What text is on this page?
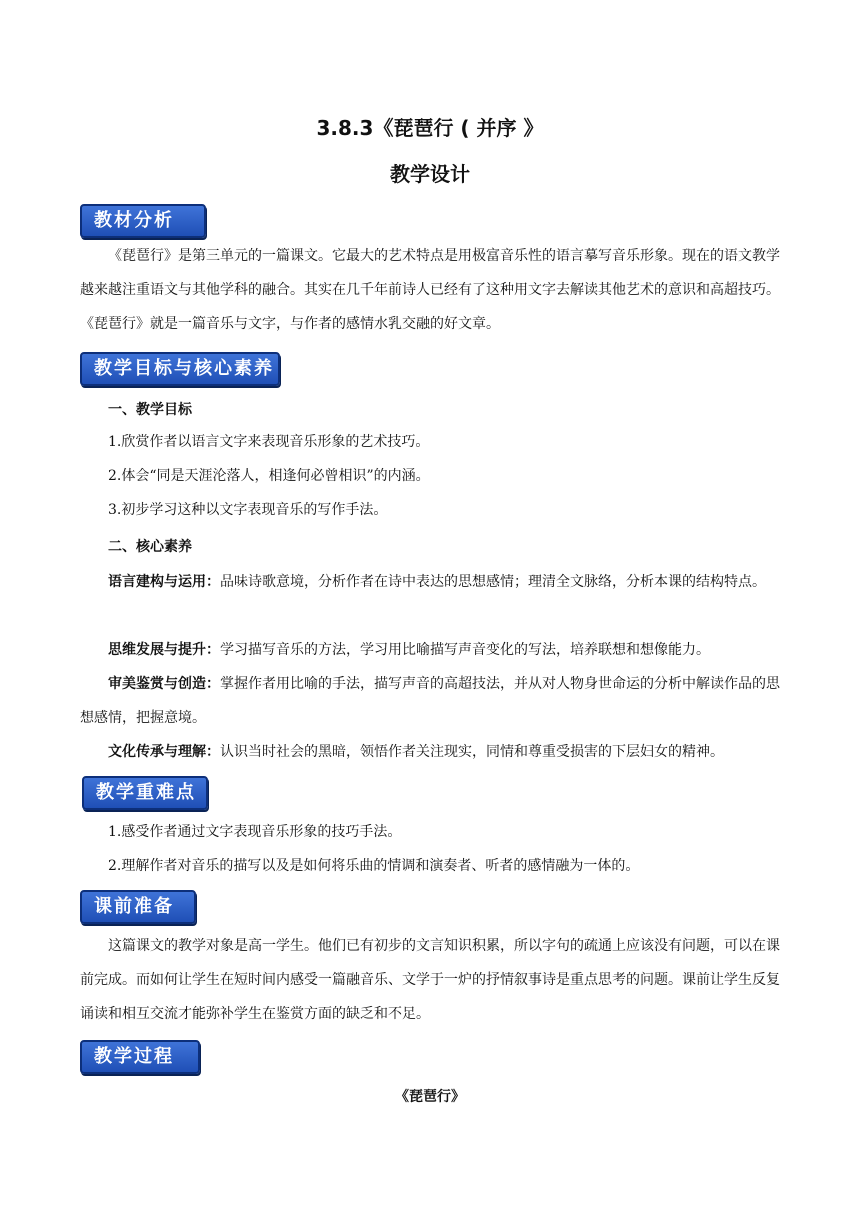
3.8.3《琵琶行 ( 并序 》
教学设计
教材分析
《琵琶行》是第三单元的一篇课文。它最大的艺术特点是用极富音乐性的语言摹写音乐形象。现在的语文教学越来越注重语文与其他学科的融合。其实在几千年前诗人已经有了这种用文字去解读其他艺术的意识和高超技巧。《琵琶行》就是一篇音乐与文字，与作者的感情水乳交融的好文章。
教学目标与核心素养
一、教学目标
1.欣赏作者以语言文字来表现音乐形象的艺术技巧。
2.体会“同是天涯沦落人，相逢何必曾相识”的内涵。
3.初步学习这种以文字表现音乐的写作手法。
二、核心素养
语言建构与运用：品味诗歌意境，分析作者在诗中表达的思想感情；理清全文脉络，分析本课的结构特点。
思维发展与提升：学习描写音乐的方法，学习用比喻描写声音变化的写法，培养联想和想像能力。
审美鉴赏与创造：掌握作者用比喻的手法，描写声音的高超技法，并从对人物身世命运的分析中解读作品的思想感情，把握意境。
文化传承与理解：认识当时社会的黑暗，领悟作者关注现实，同情和尊重受损害的下层妇女的精神。
教学重难点
1.感受作者通过文字表现音乐形象的技巧手法。
2.理解作者对音乐的描写以及是如何将乐曲的情调和演奏者、听者的感情融为一体的。
课前准备
这篇课文的教学对象是高一学生。他们已有初步的文言知识积累，所以字句的疏通上应该没有问题，可以在课前完成。而如何让学生在短时间内感受一篇融音乐、文学于一炉的抒情叙事诗是重点思考的问题。课前让学生反复诵读和相互交流才能弥补学生在鉴赏方面的缺乏和不足。
教学过程
《琵琶行》
